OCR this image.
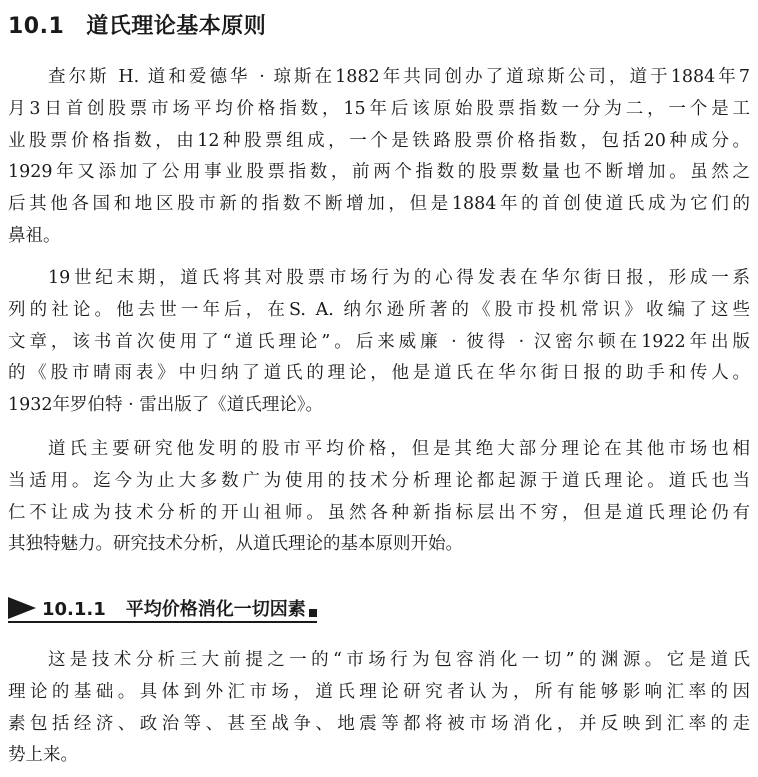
10.1 道氏理论基本原则
查尔斯 H. 道和爱德华 · 琼斯在1882年共同创办了道琼斯公司，道于1884年7
月3日首创股票市场平均价格指数，15年后该原始股票指数一分为二，一个是工
业股票价格指数，由12种股票组成，一个是铁路股票价格指数，包括20种成分。
1929年又添加了公用事业股票指数，前两个指数的股票数量也不断增加。虽然之
后其他各国和地区股市新的指数不断增加，但是1884年的首创使道氏成为它们的
鼻祖。
19世纪末期，道氏将其对股票市场行为的心得发表在华尔街日报，形成一系
列的社论。他去世一年后，在S. A. 纳尔逊所著的《股市投机常识》收编了这些
文章，该书首次使用了“道氏理论”。后来威廉 · 彼得 · 汉密尔顿在1922年出版
的《股市晴雨表》中归纳了道氏的理论，他是道氏在华尔街日报的助手和传人。
1932年罗伯特 · 雷出版了《道氏理论》。
道氏主要研究他发明的股市平均价格，但是其绝大部分理论在其他市场也相
当适用。迄今为止大多数广为使用的技术分析理论都起源于道氏理论。道氏也当
仁不让成为技术分析的开山祖师。虽然各种新指标层出不穷，但是道氏理论仍有
其独特魅力。研究技术分析，从道氏理论的基本原则开始。
10.1.1 平均价格消化一切因素
这是技术分析三大前提之一的“市场行为包容消化一切”的渊源。它是道氏
理论的基础。具体到外汇市场，道氏理论研究者认为，所有能够影响汇率的因
素包括经济、政治等、甚至战争、地震等都将被市场消化，并反映到汇率的走
势上来。
